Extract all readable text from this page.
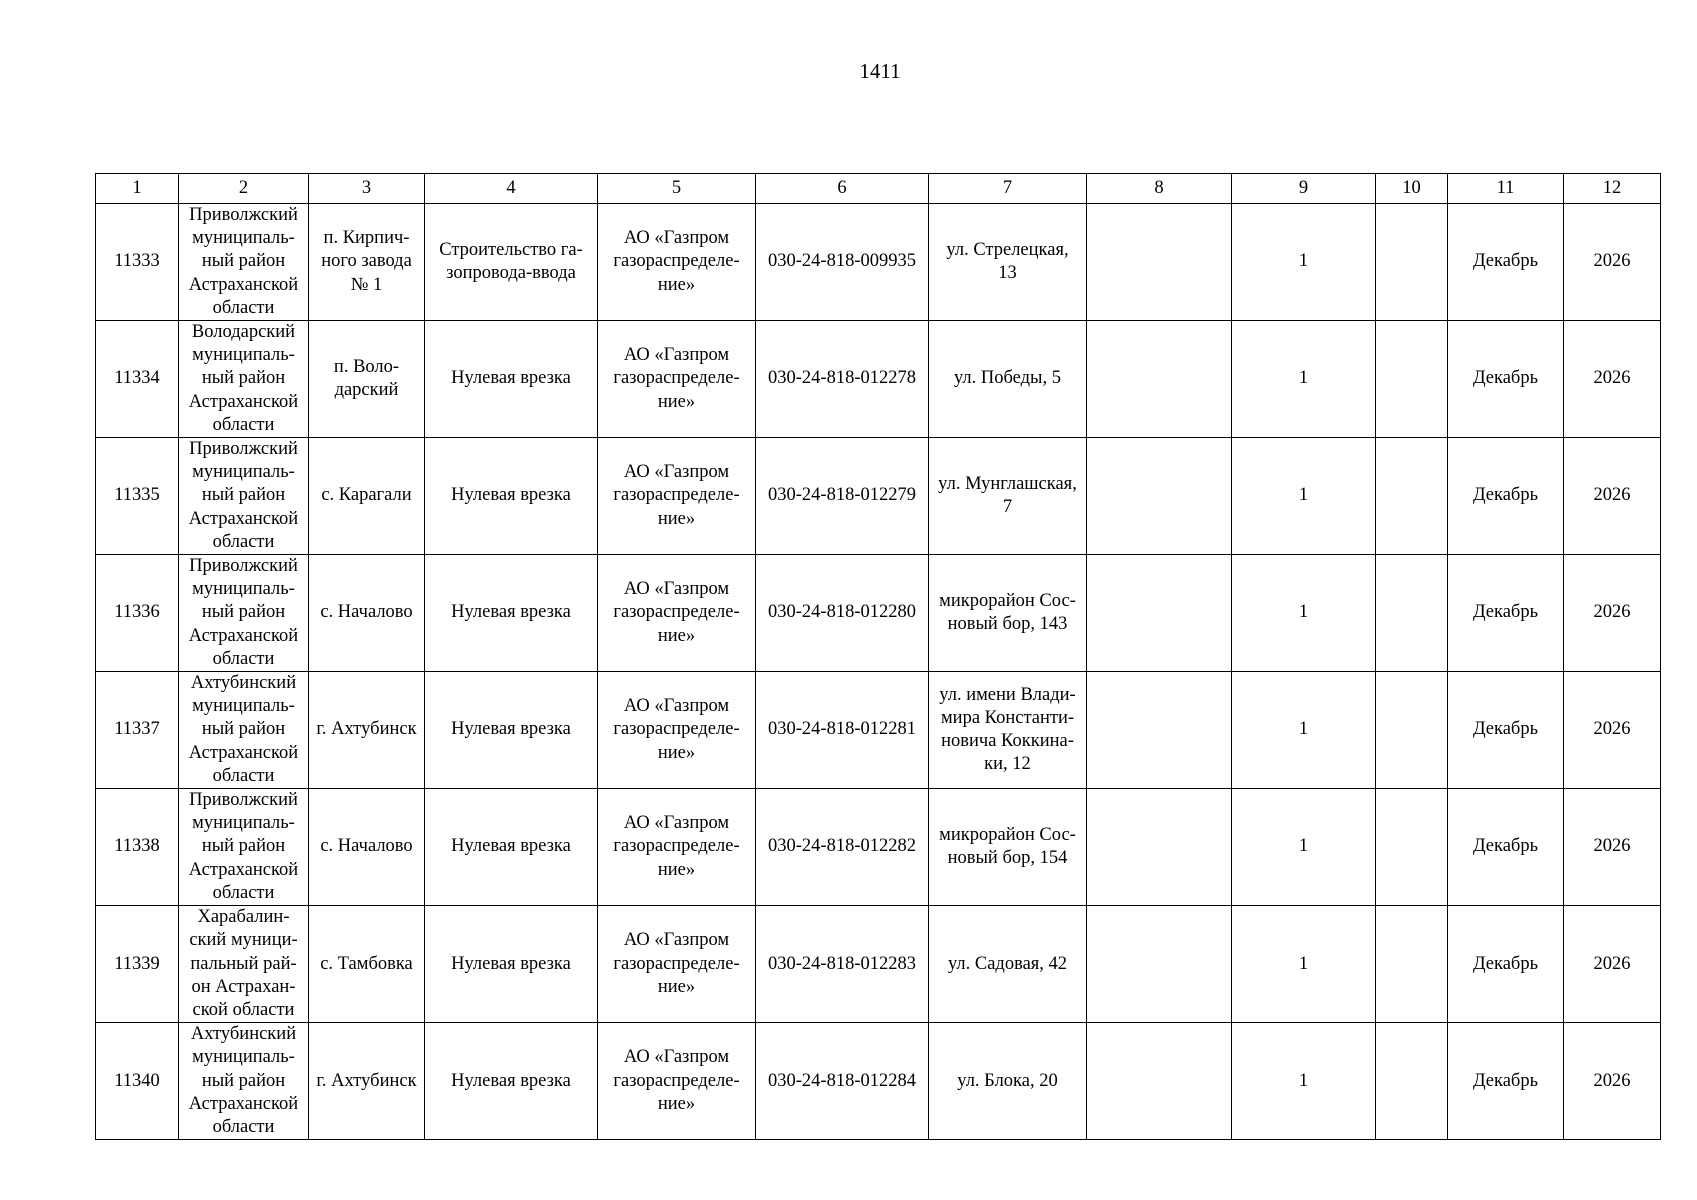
1411
1	2	3	4	5	6	7	8	9	10	11	12
11333	Приволжский
муниципаль-
ный район
Астраханской
области	п. Кирпич-
ного завода
№ 1	Строительство га-
зопровода-ввода	АО «Газпром
газораспределе-
ние»	030-24-818-009935	ул. Стрелецкая,
13		1		Декабрь	2026
11334	Володарский
муниципаль-
ный район
Астраханской
области	п. Воло-
дарский	Нулевая врезка	АО «Газпром
газораспределе-
ние»	030-24-818-012278	ул. Победы, 5		1		Декабрь	2026
11335	Приволжский
муниципаль-
ный район
Астраханской
области	с. Карагали	Нулевая врезка	АО «Газпром
газораспределе-
ние»	030-24-818-012279	ул. Мунглашская,
7		1		Декабрь	2026
11336	Приволжский
муниципаль-
ный район
Астраханской
области	с. Началово	Нулевая врезка	АО «Газпром
газораспределе-
ние»	030-24-818-012280	микрорайон Сос-
новый бор, 143		1		Декабрь	2026
11337	Ахтубинский
муниципаль-
ный район
Астраханской
области	г. Ахтубинск	Нулевая врезка	АО «Газпром
газораспределе-
ние»	030-24-818-012281	ул. имени Влади-
мира Константи-
новича Коккина-
ки, 12		1		Декабрь	2026
11338	Приволжский
муниципаль-
ный район
Астраханской
области	с. Началово	Нулевая врезка	АО «Газпром
газораспределе-
ние»	030-24-818-012282	микрорайон Сос-
новый бор, 154		1		Декабрь	2026
11339	Харабалин-
ский муници-
пальный рай-
он Астрахан-
ской области	с. Тамбовка	Нулевая врезка	АО «Газпром
газораспределе-
ние»	030-24-818-012283	ул. Садовая, 42		1		Декабрь	2026
11340	Ахтубинский
муниципаль-
ный район
Астраханской
области	г. Ахтубинск	Нулевая врезка	АО «Газпром
газораспределе-
ние»	030-24-818-012284	ул. Блока, 20		1		Декабрь	2026
